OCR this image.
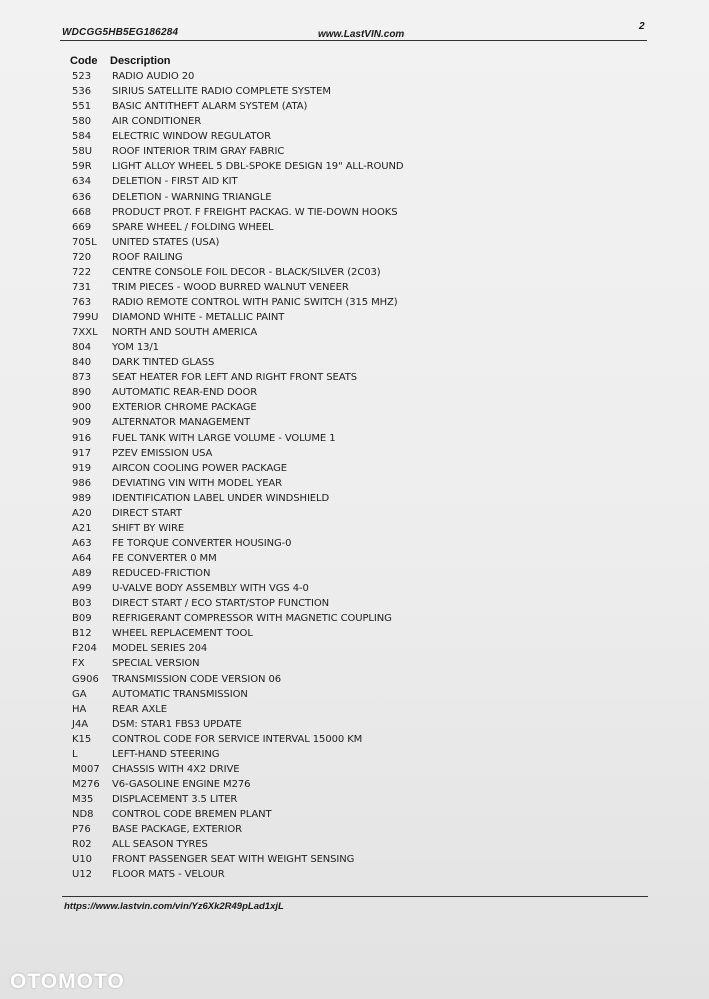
WDCGG5HB5EG186284	www.LastVIN.com
2
Code Description
523 RADIO AUDIO 20
536 SIRIUS SATELLITE RADIO COMPLETE SYSTEM
551 BASIC ANTITHEFT ALARM SYSTEM (ATA)
580 AIR CONDITIONER
584 ELECTRIC WINDOW REGULATOR
58U ROOF INTERIOR TRIM GRAY FABRIC
59R LIGHT ALLOY WHEEL 5 DBL-SPOKE DESIGN 19" ALL-ROUND
634 DELETION - FIRST AID KIT
636 DELETION - WARNING TRIANGLE
668 PRODUCT PROT. F FREIGHT PACKAG. W TIE-DOWN HOOKS
669 SPARE WHEEL / FOLDING WHEEL
705L UNITED STATES (USA)
720 ROOF RAILING
722 CENTRE CONSOLE FOIL DECOR - BLACK/SILVER (2C03)
731 TRIM PIECES - WOOD BURRED WALNUT VENEER
763 RADIO REMOTE CONTROL WITH PANIC SWITCH (315 MHZ)
799U DIAMOND WHITE - METALLIC PAINT
7XXL NORTH AND SOUTH AMERICA
804 YOM 13/1
840 DARK TINTED GLASS
873 SEAT HEATER FOR LEFT AND RIGHT FRONT SEATS
890 AUTOMATIC REAR-END DOOR
900 EXTERIOR CHROME PACKAGE
909 ALTERNATOR MANAGEMENT
916 FUEL TANK WITH LARGE VOLUME - VOLUME 1
917 PZEV EMISSION USA
919 AIRCON COOLING POWER PACKAGE
986 DEVIATING VIN WITH MODEL YEAR
989 IDENTIFICATION LABEL UNDER WINDSHIELD
A20 DIRECT START
A21 SHIFT BY WIRE
A63 FE TORQUE CONVERTER HOUSING-0
A64 FE CONVERTER 0 MM
A89 REDUCED-FRICTION
A99 U-VALVE BODY ASSEMBLY WITH VGS 4-0
B03 DIRECT START / ECO START/STOP FUNCTION
B09 REFRIGERANT COMPRESSOR WITH MAGNETIC COUPLING
B12 WHEEL REPLACEMENT TOOL
F204 MODEL SERIES 204
FX	SPECIAL VERSION
G906 TRANSMISSION CODE VERSION 06
GA	AUTOMATIC TRANSMISSION
HA	REAR AXLE
J4A DSM: STAR1 FBS3 UPDATE
K15 CONTROL CODE FOR SERVICE INTERVAL 15000 KM
L	LEFT-HAND STEERING
M007 CHASSIS WITH 4X2 DRIVE
M276 V6-GASOLINE ENGINE M276
M35 DISPLACEMENT 3.5 LITER
ND8 CONTROL CODE BREMEN PLANT
P76 BASE PACKAGE, EXTERIOR
R02 ALL SEASON TYRES
U10 FRONT PASSENGER SEAT WITH WEIGHT SENSING
U12 FLOOR MATS - VELOUR
https://www.lastvin.com/vin/Yz6Xk2R49pLad1xjL
OTOMOTO
